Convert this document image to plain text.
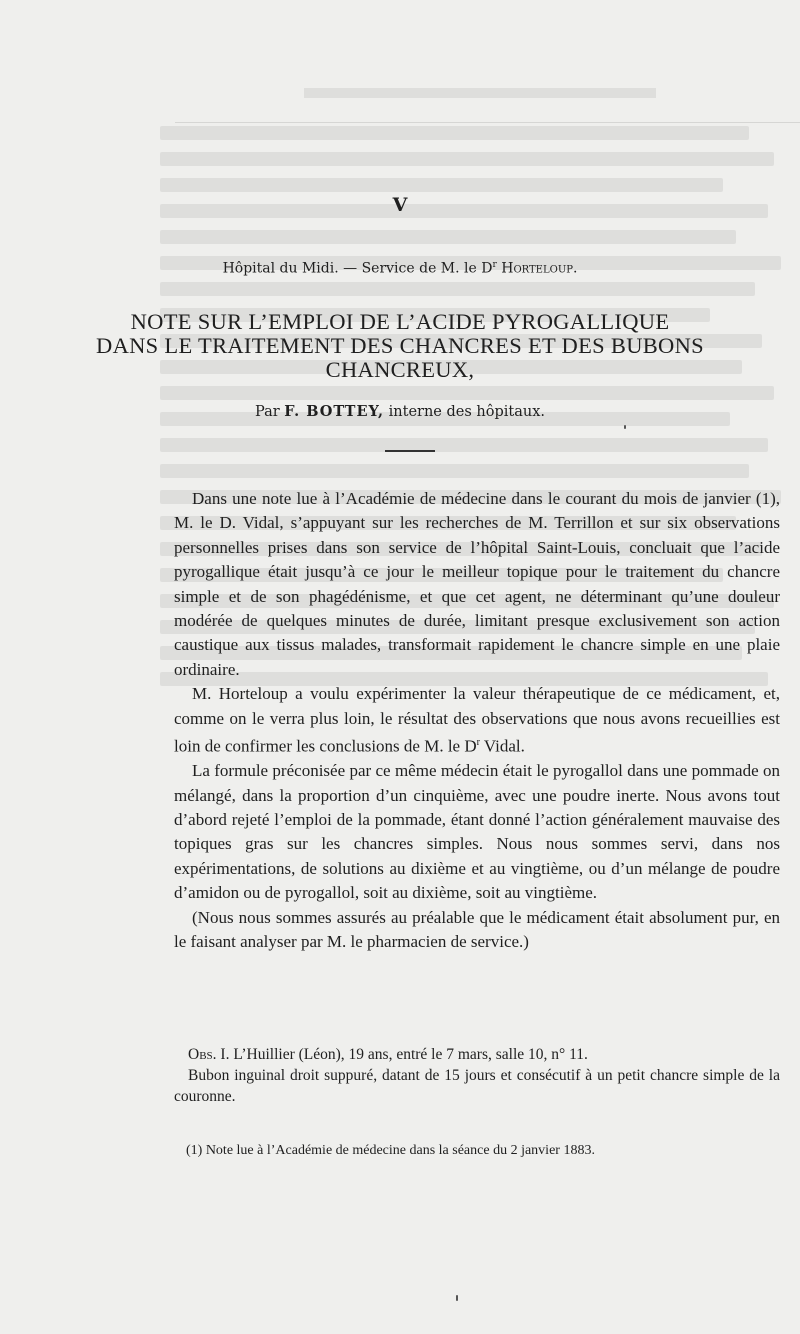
V
Hôpital du Midi. — Service de M. le $D^r$ Horteloup.
NOTE SUR L’EMPLOI DE L’ACIDE PYROGALLIQUE
DANS LE TRAITEMENT DES CHANCRES ET DES BUBONS
CHANCREUX,
Par F. BOTTEY, interne des hôpitaux.

Dans une note lue à l’Académie de médecine dans le courant du mois de janvier (1), M. le D. Vidal, s’appuyant sur les recherches de M. Terrillon et sur six observations personnelles prises dans son service de l’hôpital Saint-Louis, concluait que l’acide pyrogallique était jusqu’à ce jour le meilleur topique pour le traitement du chancre simple et de son phagédénisme, et que cet agent, ne déterminant qu’une douleur modérée de quelques minutes de durée, limitant presque exclusivement son action caustique aux tissus malades, transformait rapidement le chancre simple en une plaie ordinaire.

M. Horteloup a voulu expérimenter la valeur thérapeutique de ce médicament, et, comme on le verra plus loin, le résultat des observations que nous avons recueillies est loin de confirmer les conclusions de M. le $D^r$ Vidal.

La formule préconisée par ce même médecin était le pyrogallol dans une pommade on mélangé, dans la proportion d’un cinquième, avec une poudre inerte. Nous avons tout d’abord rejeté l’emploi de la pommade, étant donné l’action généralement mauvaise des topiques gras sur les chancres simples. Nous nous sommes servi, dans nos expérimentations, de solutions au dixième et au vingtième, ou d’un mélange de poudre d’amidon ou de pyrogallol, soit au dixième, soit au vingtième.

(Nous nous sommes assurés au préalable que le médicament était absolument pur, en le faisant analyser par M. le pharmacien de service.)

Obs. I. L’Huillier (Léon), 19 ans, entré le 7 mars, salle 10, n° 11.

Bubon inguinal droit suppuré, datant de 15 jours et consécutif à un petit chancre simple de la couronne.

(1) Note lue à l’Académie de médecine dans la séance du 2 janvier 1883.
